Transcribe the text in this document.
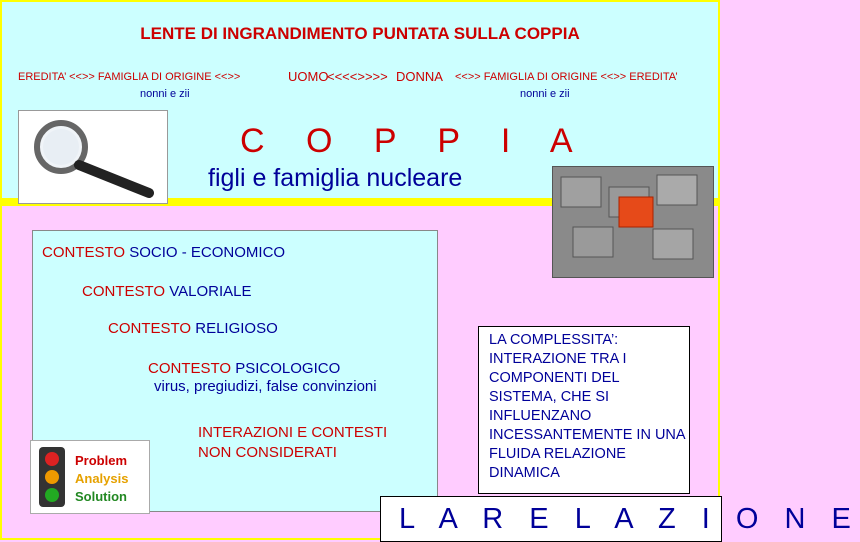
LENTE DI INGRANDIMENTO PUNTATA SULLA COPPIA
EREDITA’ <<>> FAMIGLIA DI ORIGINE <<>>	UOMO
<<<<>>>> DONNA <<>> FAMIGLIA DI ORIGINE <<>> EREDITA’
nonni e zii	nonni e zii
C O P P I A
figli e famiglia nucleare
CONTESTO SOCIO - ECONOMICO
CONTESTO VALORIALE
CONTESTO RELIGIOSO
CONTESTO PSICOLOGICO
virus, pregiudizi, false convinzioni
INTERAZIONI E CONTESTI
NON CONSIDERATI
Problem
Analysis
Solution
LA COMPLESSITA’: INTERAZIONE TRA I COMPONENTI DEL SISTEMA, CHE SI INFLUENZANO INCESSANTEMENTE IN UNA FLUIDA RELAZIONE DINAMICA
L A R E L A Z I O N E
